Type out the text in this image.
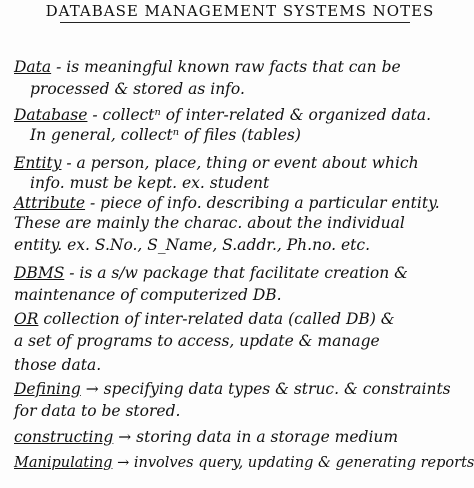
DATABASE MANAGEMENT SYSTEMS NOTES
Data - is meaningful known raw facts that can be
processed & stored as info.
Database - collectⁿ of inter-related & organized data.
In general, collectⁿ of files (tables)
Entity - a person, place, thing or event about which
info. must be kept. ex. student
Attribute - piece of info. describing a particular entity.
These are mainly the charac. about the individual
entity. ex. S.No., S_Name, S.addr., Ph.no. etc.
DBMS - is a s/w package that facilitate creation &
maintenance of computerized DB.
OR collection of inter-related data (called DB) &
a set of programs to access, update & manage
those data.
Defining → specifying data types & struc. & constraints
for data to be stored.
constructing → storing data in a storage medium
Manipulating → involves query, updating & generating reports
